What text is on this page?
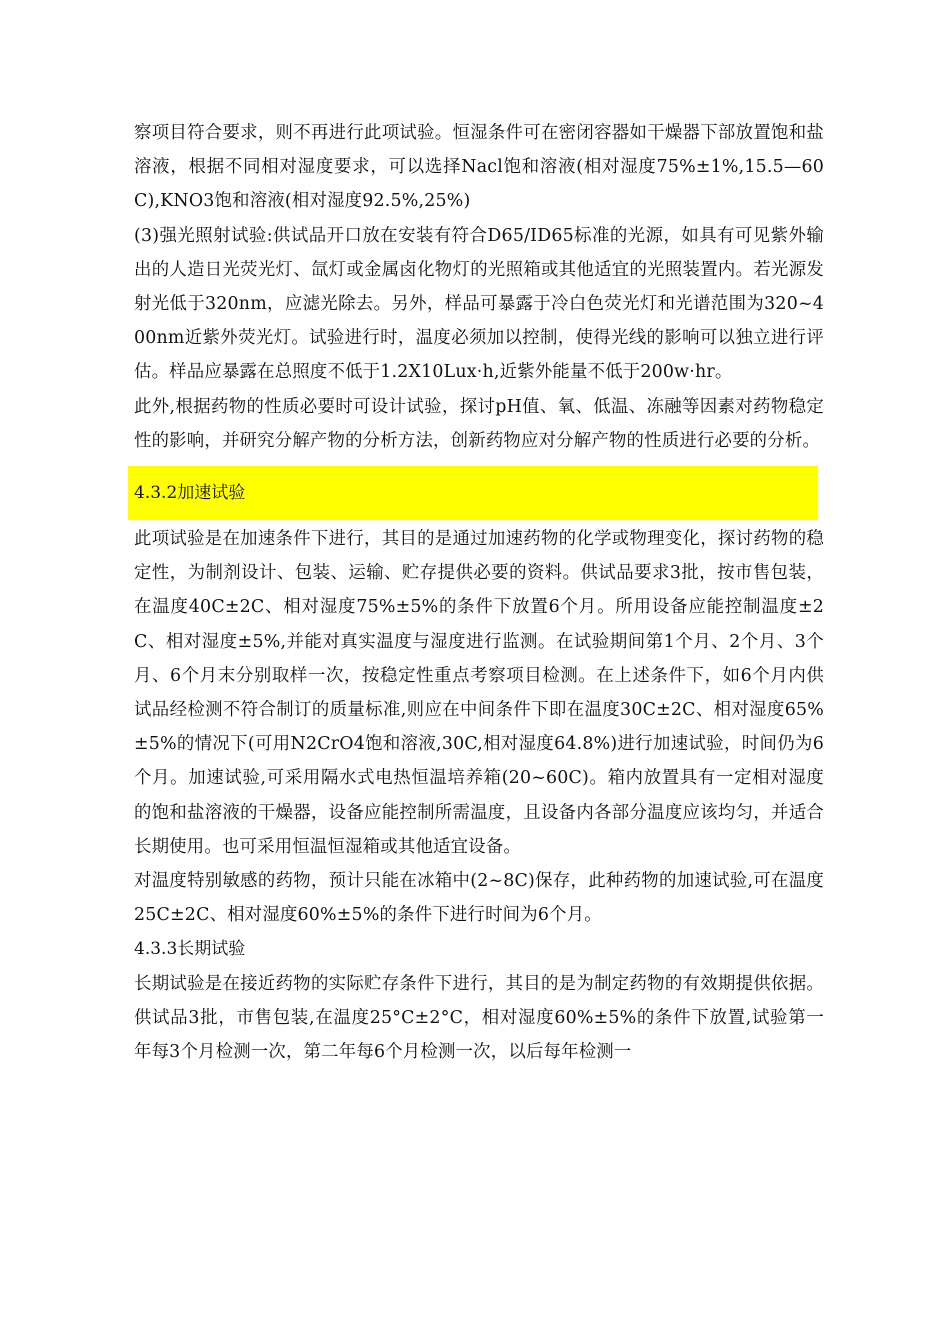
察项目符合要求，则不再进行此项试验。恒湿条件可在密闭容器如干燥器下部放置饱和盐溶液，根据不同相对湿度要求，可以选择Nacl饱和溶液(相对湿度75%±1%,15.5—60C),KNO3饱和溶液(相对湿度92.5%,25%)

(3)强光照射试验:供试品开口放在安装有符合D65/ID65标准的光源，如具有可见紫外输出的人造日光荧光灯、氙灯或金属卤化物灯的光照箱或其他适宜的光照装置内。若光源发射光低于320nm，应滤光除去。另外，样品可暴露于冷白色荧光灯和光谱范围为320~400nm近紫外荧光灯。试验进行时，温度必须加以控制，使得光线的影响可以独立进行评估。样品应暴露在总照度不低于1.2X10Lux·h,近紫外能量不低于200w·hr。

此外,根据药物的性质必要时可设计试验，探讨pH值、氧、低温、冻融等因素对药物稳定性的影响，并研究分解产物的分析方法，创新药物应对分解产物的性质进行必要的分析。

4.3.2加速试验

此项试验是在加速条件下进行，其目的是通过加速药物的化学或物理变化，探讨药物的稳定性，为制剂设计、包装、运输、贮存提供必要的资料。供试品要求3批，按市售包装，在温度40C±2C、相对湿度75%±5%的条件下放置6个月。所用设备应能控制温度±2C、相对湿度±5%,并能对真实温度与湿度进行监测。在试验期间第1个月、2个月、3个月、6个月末分别取样一次，按稳定性重点考察项目检测。在上述条件下，如6个月内供试品经检测不符合制订的质量标准,则应在中间条件下即在温度30C±2C、相对湿度65%±5%的情况下(可用N2CrO4饱和溶液,30C,相对湿度64.8%)进行加速试验，时间仍为6个月。加速试验,可采用隔水式电热恒温培养箱(20~60C)。箱内放置具有一定相对湿度的饱和盐溶液的干燥器，设备应能控制所需温度，且设备内各部分温度应该均匀，并适合长期使用。也可采用恒温恒湿箱或其他适宜设备。

对温度特别敏感的药物，预计只能在冰箱中(2~8C)保存，此种药物的加速试验,可在温度25C±2C、相对湿度60%±5%的条件下进行时间为6个月。

4.3.3长期试验

长期试验是在接近药物的实际贮存条件下进行，其目的是为制定药物的有效期提供依据。供试品3批，市售包装,在温度25°C±2°C，相对湿度60%±5%的条件下放置,试验第一年每3个月检测一次，第二年每6个月检测一次，以后每年检测一
